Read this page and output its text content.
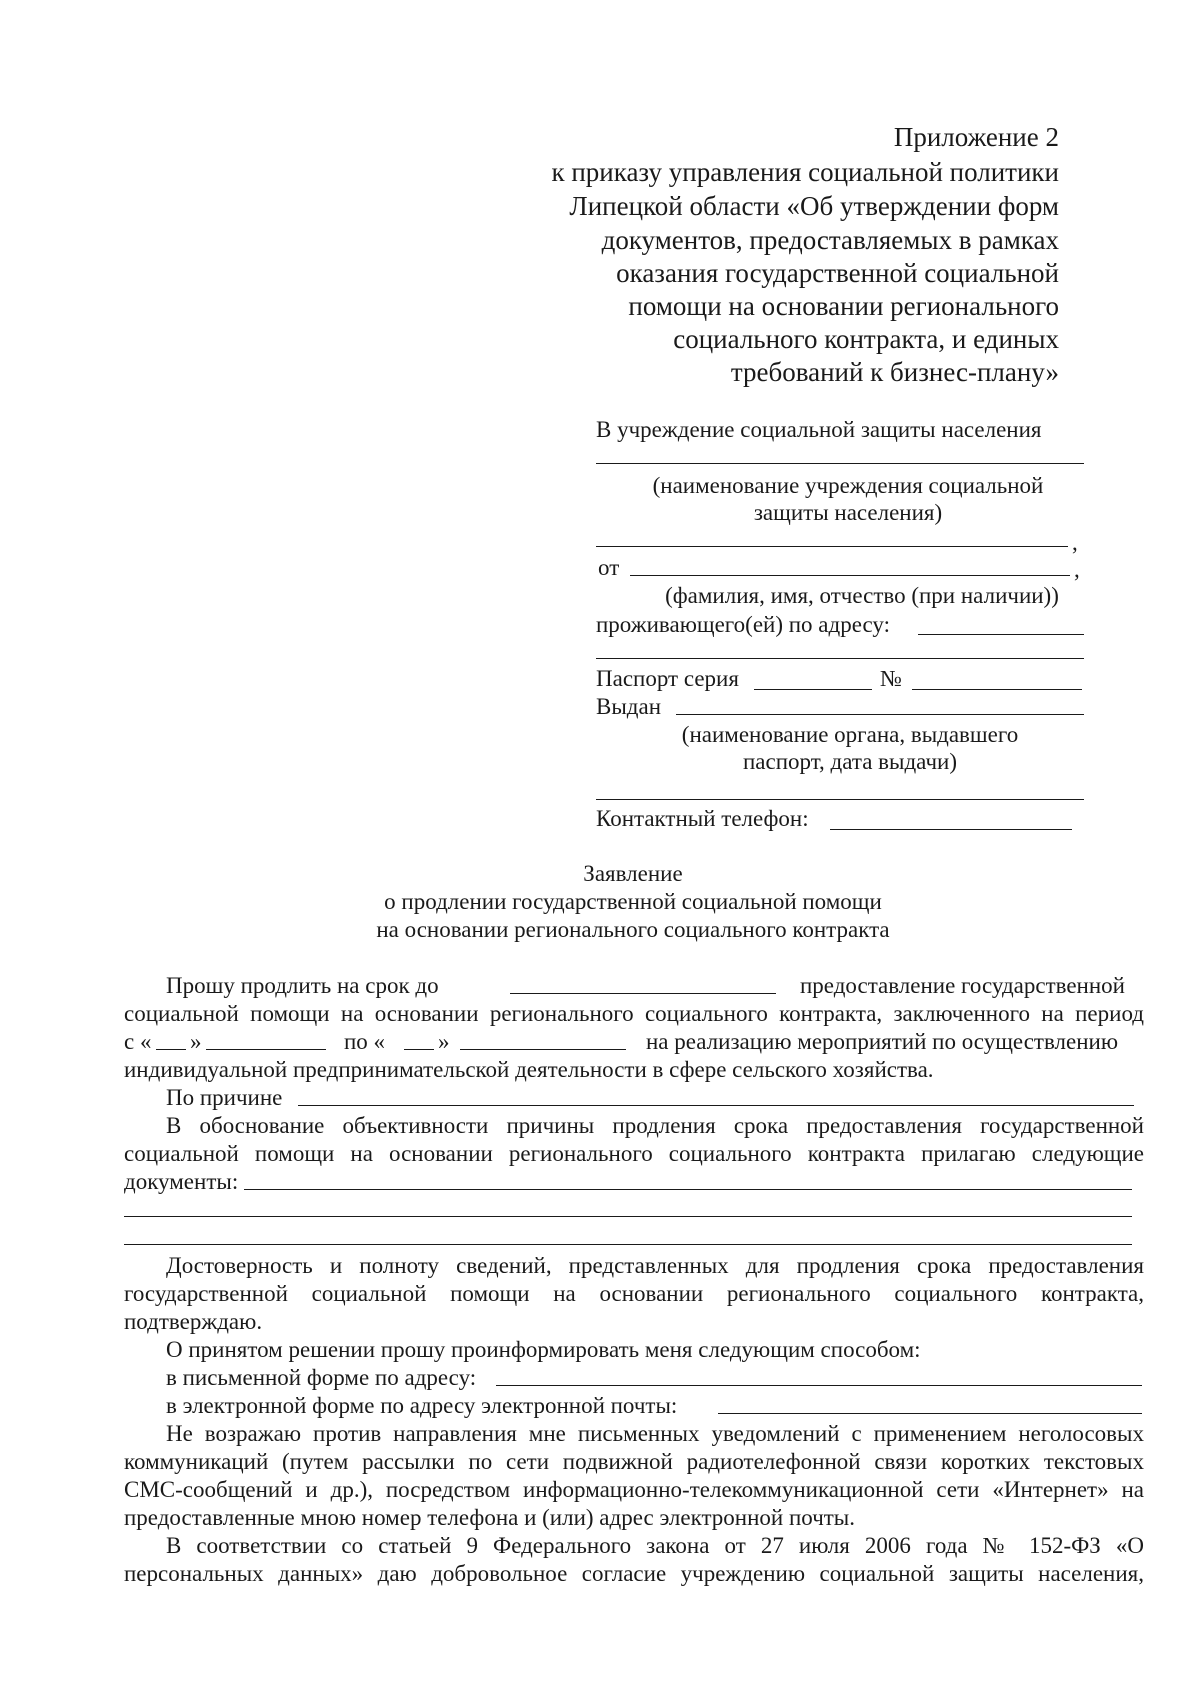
Приложение 2
к приказу управления социальной политики
Липецкой области «Об утверждении форм
документов, предоставляемых в рамках
оказания государственной социальной
помощи на основании регионального
социального контракта, и единых
требований к бизнес-плану»
В учреждение социальной защиты населения
(наименование учреждения социальной
защиты населения)
,
от	,
(фамилия, имя, отчество (при наличии))
проживающего(ей) по адресу:
Паспорт серия	№
Выдан
(наименование органа, выдавшего
паспорт, дата выдачи)
Контактный телефон:
Заявление
о продлении государственной социальной помощи
на основании регионального социального контракта
Прошу продлить на срок до	предоставление государственной
социальной помощи на основании регионального социального контракта, заключенного на период
с « »	по « »	на реализацию мероприятий по осуществлению
индивидуальной предпринимательской деятельности в сфере сельского хозяйства.
По причине
В обоснование объективности причины продления срока предоставления государственной
социальной помощи на основании регионального социального контракта прилагаю следующие
документы:
Достоверность и полноту сведений, представленных для продления срока предоставления
государственной социальной помощи на основании регионального социального контракта,
подтверждаю.
О принятом решении прошу проинформировать меня следующим способом:
в письменной форме по адресу:
в электронной форме по адресу электронной почты:
Не возражаю против направления мне письменных уведомлений с применением неголосовых
коммуникаций (путем рассылки по сети подвижной радиотелефонной связи коротких текстовых
СМС-сообщений и др.), посредством информационно-телекоммуникационной сети «Интернет» на
предоставленные мною номер телефона и (или) адрес электронной почты.
В соответствии со статьей 9 Федерального закона от 27 июля 2006 года № 152-ФЗ «О
персональных данных» даю добровольное согласие учреждению социальной защиты населения,
